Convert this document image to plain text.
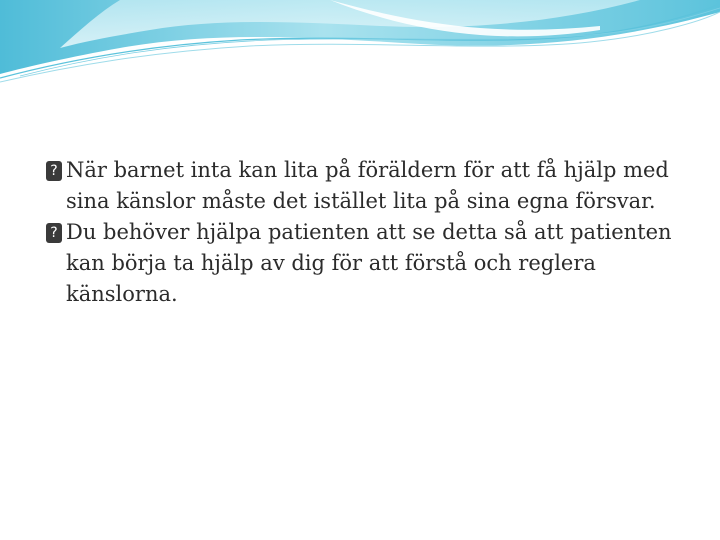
? När barnet inta kan lita på föräldern för att få hjälp med sina känslor måste det istället lita på sina egna försvar.
? Du behöver hjälpa patienten att se detta så att patienten kan börja ta hjälp av dig för att förstå och reglera känslorna.
